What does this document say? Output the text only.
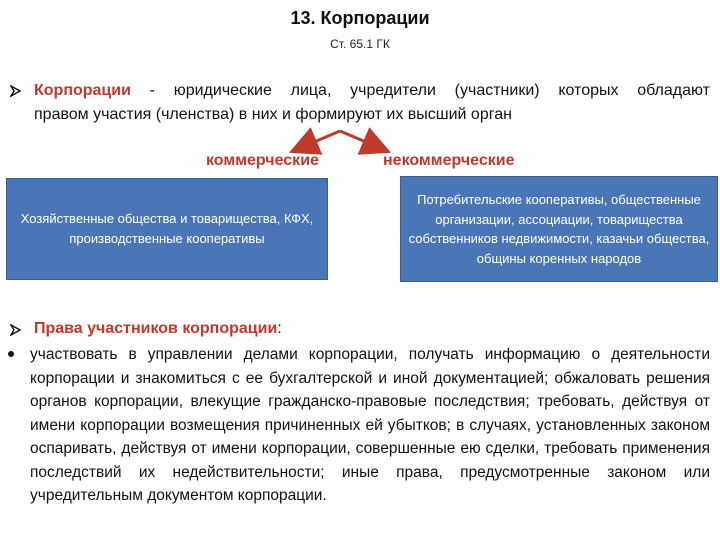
13. Корпорации
Ст. 65.1 ГК
Корпорации - юридические лица, учредители (участники) которых обладают
правом участия (членства) в них и формируют их высший орган
коммерческие	некоммерческие
Хозяйственные общества и товарищества, КФХ, производственные кооперативы
Потребительские кооперативы, общественные организации, ассоциации, товарищества собственников недвижимости, казачьи общества, общины коренных народов
Права участников корпорации:
участвовать в управлении делами корпорации, получать информацию о деятельности корпорации и знакомиться с ее бухгалтерской и иной документацией; обжаловать решения органов корпорации, влекущие гражданско-правовые последствия; требовать, действуя от имени корпорации возмещения причиненных ей убытков; в случаях, установленных законом оспаривать, действуя от имени корпорации, совершенные ею сделки, требовать применения последствий их недействительности; иные права, предусмотренные законом или учредительным документом корпорации.
